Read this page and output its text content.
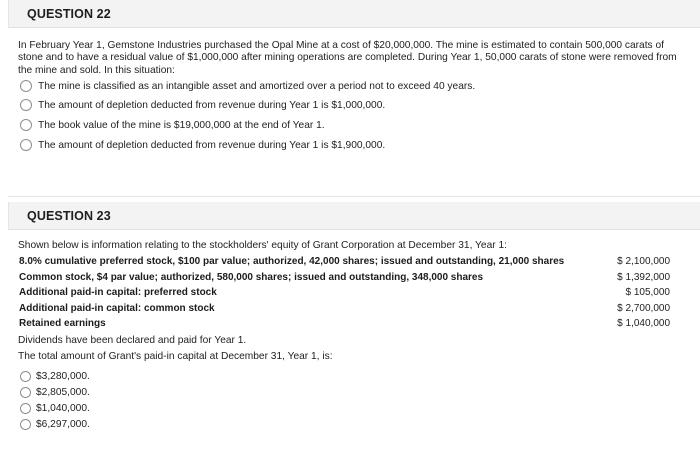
QUESTION 22
In February Year 1, Gemstone Industries purchased the Opal Mine at a cost of $20,000,000. The mine is estimated to contain 500,000 carats of stone and to have a residual value of $1,000,000 after mining operations are completed. During Year 1, 50,000 carats of stone were removed from the mine and sold. In this situation:
The mine is classified as an intangible asset and amortized over a period not to exceed 40 years.
The amount of depletion deducted from revenue during Year 1 is $1,000,000.
The book value of the mine is $19,000,000 at the end of Year 1.
The amount of depletion deducted from revenue during Year 1 is $1,900,000.
QUESTION 23
Shown below is information relating to the stockholders' equity of Grant Corporation at December 31, Year 1:
8.0% cumulative preferred stock, $100 par value; authorized, 42,000 shares; issued and outstanding, 21,000 shares	$ 2,100,000
Common stock, $4 par value; authorized, 580,000 shares; issued and outstanding, 348,000 shares	$ 1,392,000
Additional paid-in capital: preferred stock	$ 105,000
Additional paid-in capital: common stock	$ 2,700,000
Retained earnings	$ 1,040,000
Dividends have been declared and paid for Year 1.
The total amount of Grant's paid-in capital at December 31, Year 1, is:
$3,280,000.
$2,805,000.
$1,040,000.
$6,297,000.
